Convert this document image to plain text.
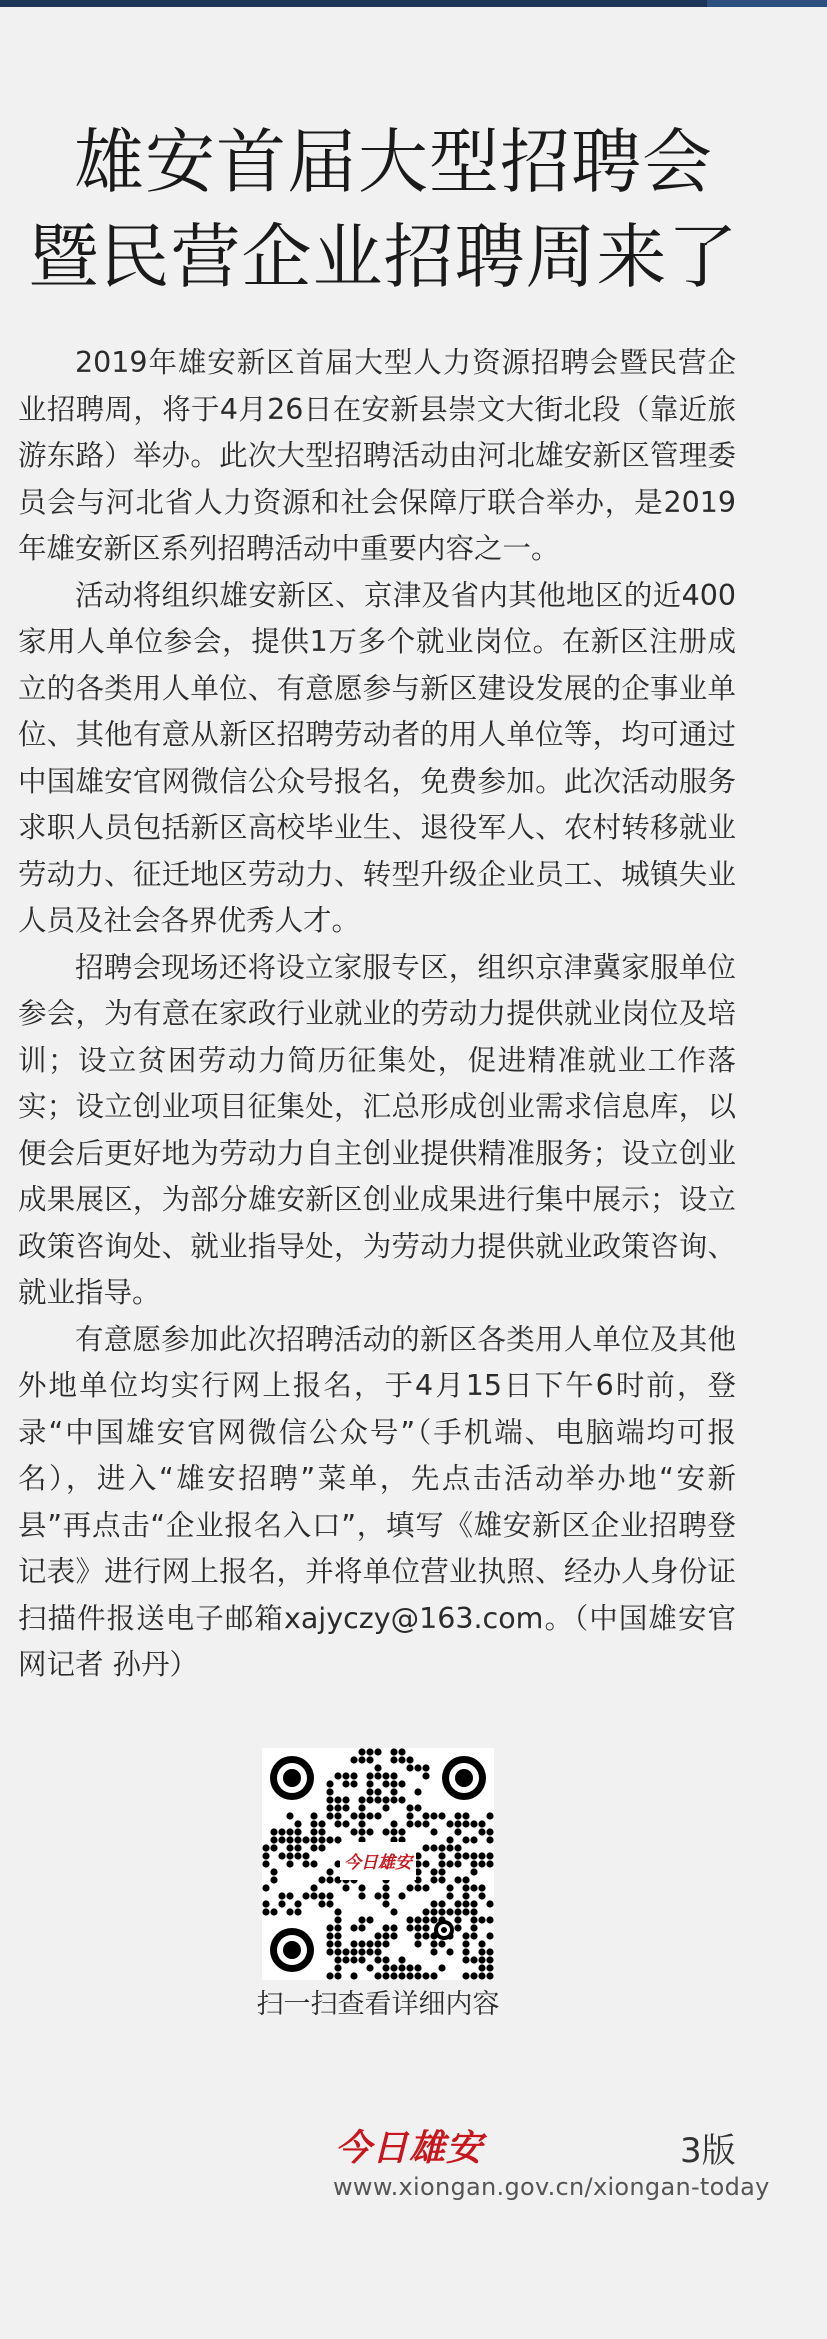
雄安首届大型招聘会
暨民营企业招聘周来了

2019年雄安新区首届大型人力资源招聘会暨民营企业招聘周，将于4月26日在安新县崇文大街北段（靠近旅游东路）举办。此次大型招聘活动由河北雄安新区管理委员会与河北省人力资源和社会保障厅联合举办，是2019年雄安新区系列招聘活动中重要内容之一。

活动将组织雄安新区、京津及省内其他地区的近400家用人单位参会，提供1万多个就业岗位。在新区注册成立的各类用人单位、有意愿参与新区建设发展的企事业单位、其他有意从新区招聘劳动者的用人单位等，均可通过中国雄安官网微信公众号报名，免费参加。此次活动服务求职人员包括新区高校毕业生、退役军人、农村转移就业劳动力、征迁地区劳动力、转型升级企业员工、城镇失业人员及社会各界优秀人才。

招聘会现场还将设立家服专区，组织京津冀家服单位参会，为有意在家政行业就业的劳动力提供就业岗位及培训；设立贫困劳动力简历征集处，促进精准就业工作落实；设立创业项目征集处，汇总形成创业需求信息库，以便会后更好地为劳动力自主创业提供精准服务；设立创业成果展区，为部分雄安新区创业成果进行集中展示；设立政策咨询处、就业指导处，为劳动力提供就业政策咨询、就业指导。

有意愿参加此次招聘活动的新区各类用人单位及其他外地单位均实行网上报名，于4月15日下午6时前，登录“中国雄安官网微信公众号”（手机端、电脑端均可报名），进入“雄安招聘”菜单，先点击活动举办地“安新县”再点击“企业报名入口”，填写《雄安新区企业招聘登记表》进行网上报名，并将单位营业执照、经办人身份证扫描件报送电子邮箱xajyczy@163.com。（中国雄安官网记者 孙丹）

今日雄安
扫一扫查看详细内容
今日雄安	3版
www.xiongan.gov.cn/xiongan-today
